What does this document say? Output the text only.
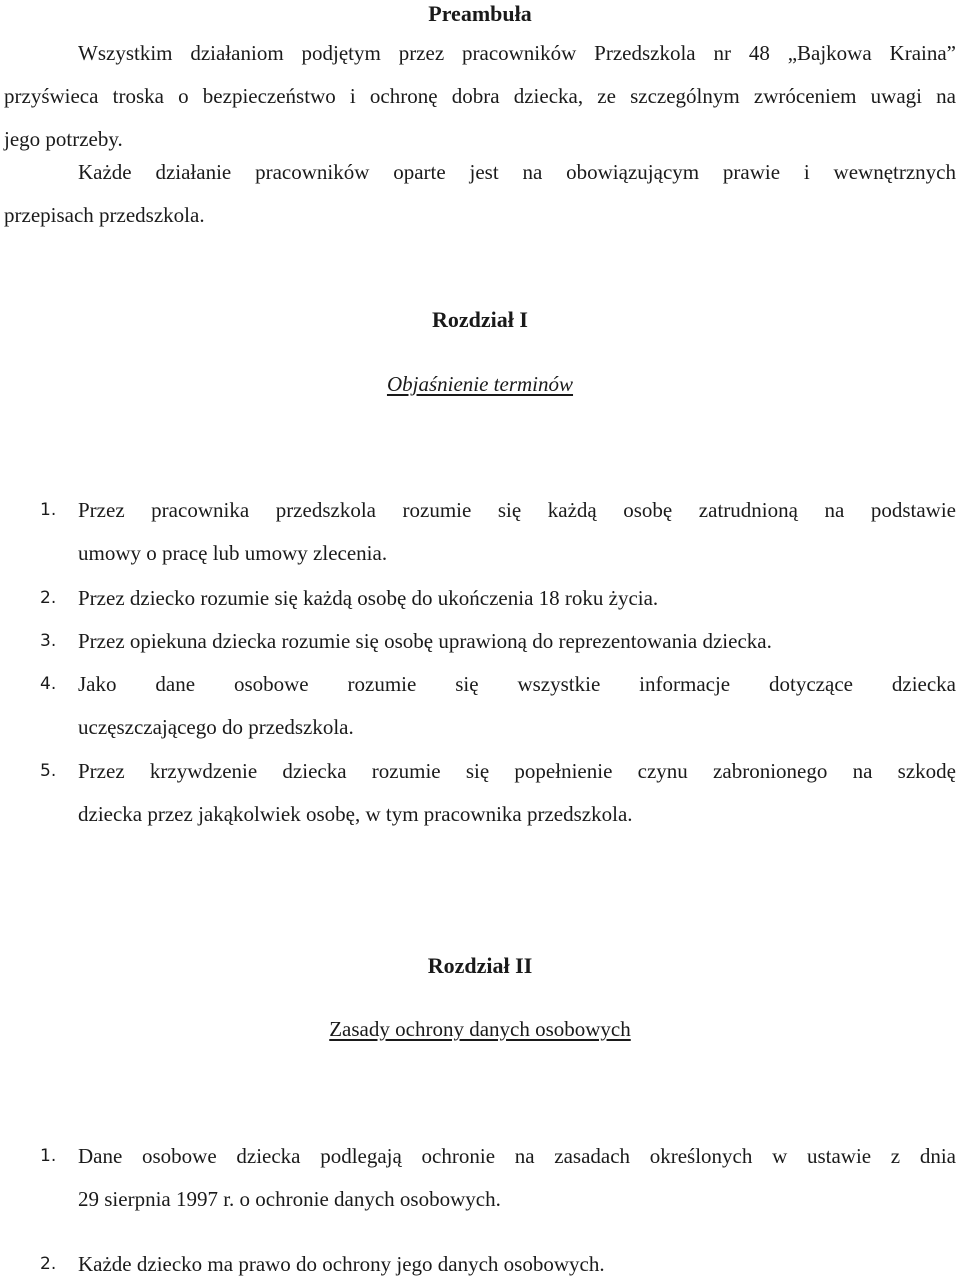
Preambuła
Wszystkim działaniom podjętym przez pracowników Przedszkola nr 48 „Bajkowa Kraina”
przyświeca troska o bezpieczeństwo i ochronę dobra dziecka, ze szczególnym zwróceniem uwagi na
jego potrzeby.
Każde działanie pracowników oparte jest na obowiązującym prawie i wewnętrznych
przepisach przedszkola.
Rozdział I
Objaśnienie terminów
1. Przez pracownika przedszkola rozumie się każdą osobę zatrudnioną na podstawie
umowy o pracę lub umowy zlecenia.
2. Przez dziecko rozumie się każdą osobę do ukończenia 18 roku życia.
3. Przez opiekuna dziecka rozumie się osobę uprawioną do reprezentowania dziecka.
4. Jako dane osobowe rozumie się wszystkie informacje dotyczące dziecka
uczęszczającego do przedszkola.
5. Przez krzywdzenie dziecka rozumie się popełnienie czynu zabronionego na szkodę
dziecka przez jakąkolwiek osobę, w tym pracownika przedszkola.
Rozdział II
Zasady ochrony danych osobowych
1. Dane osobowe dziecka podlegają ochronie na zasadach określonych w ustawie z dnia
29 sierpnia 1997 r. o ochronie danych osobowych.
2. Każde dziecko ma prawo do ochrony jego danych osobowych.
